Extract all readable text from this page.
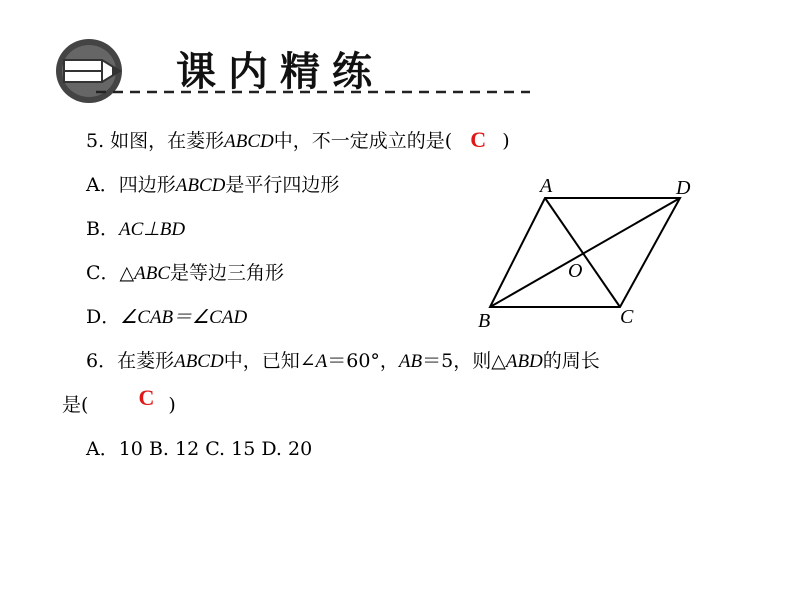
课内精练
5. 如图，在菱形ABCD中，不一定成立的是( C )
A．四边形ABCD是平行四边形
B．AC⊥BD
C．△ABC是等边三角形
D．∠CAB＝∠CAD
A	D
B	C
O
6．在菱形ABCD中，已知∠A＝60°，AB＝5，则△ABD的周长
是( C )
A．10 B. 12 C. 15 D. 20
